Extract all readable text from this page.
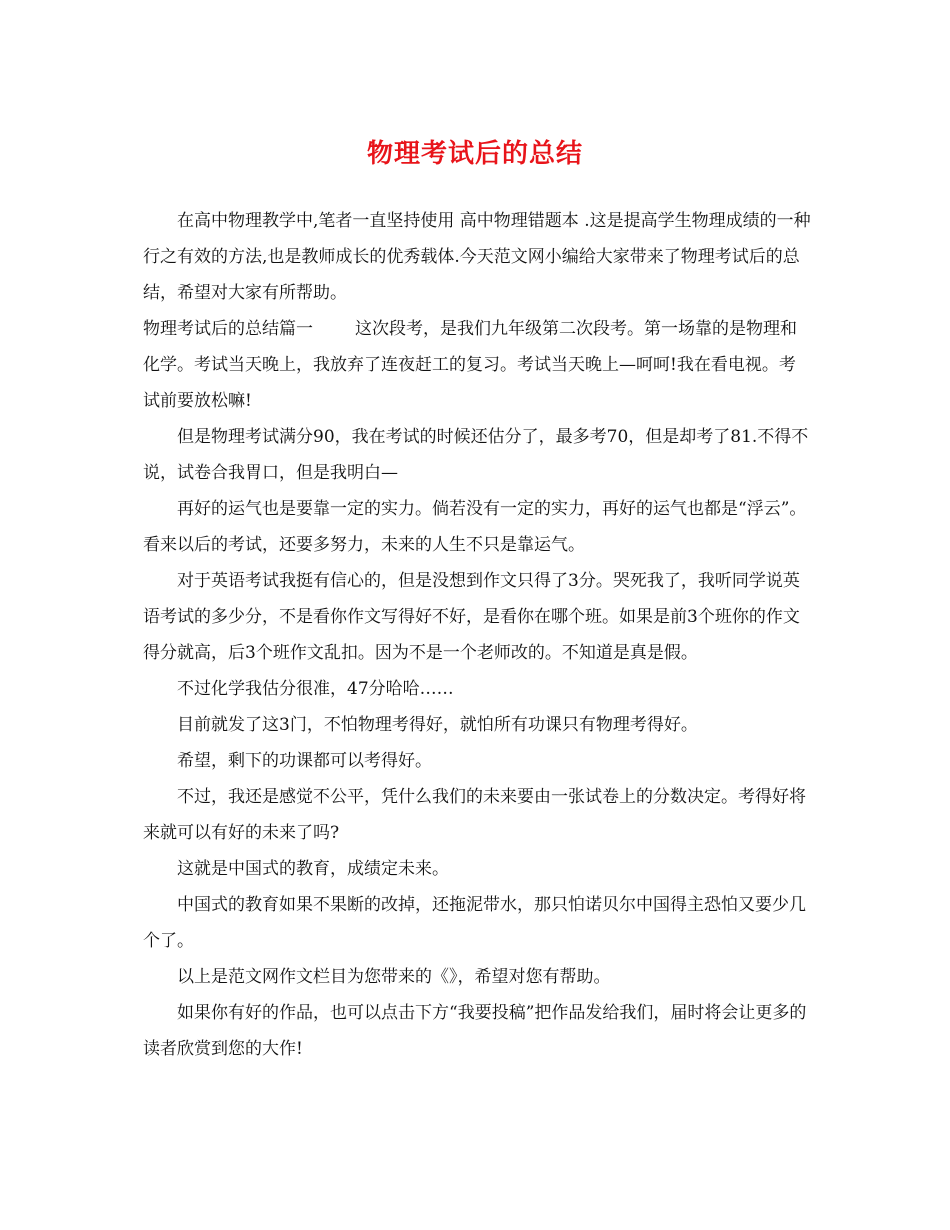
物理考试后的总结

在高中物理教学中,笔者一直坚持使用 高中物理错题本 .这是提高学生物理成绩的一种行之有效的方法,也是教师成长的优秀载体.今天范文网小编给大家带来了物理考试后的总结，希望对大家有所帮助。

物理考试后的总结篇一 这次段考，是我们九年级第二次段考。第一场靠的是物理和化学。考试当天晚上，我放弃了连夜赶工的复习。考试当天晚上—呵呵!我在看电视。考试前要放松嘛!

但是物理考试满分90，我在考试的时候还估分了，最多考70，但是却考了81.不得不说，试卷合我胃口，但是我明白—

再好的运气也是要靠一定的实力。倘若没有一定的实力，再好的运气也都是“浮云”。看来以后的考试，还要多努力，未来的人生不只是靠运气。

对于英语考试我挺有信心的，但是没想到作文只得了3分。哭死我了，我听同学说英语考试的多少分，不是看你作文写得好不好，是看你在哪个班。如果是前3个班你的作文得分就高，后3个班作文乱扣。因为不是一个老师改的。不知道是真是假。

不过化学我估分很准，47分哈哈……

目前就发了这3门，不怕物理考得好，就怕所有功课只有物理考得好。

希望，剩下的功课都可以考得好。

不过，我还是感觉不公平，凭什么我们的未来要由一张试卷上的分数决定。考得好将来就可以有好的未来了吗?

这就是中国式的教育，成绩定未来。

中国式的教育如果不果断的改掉，还拖泥带水，那只怕诺贝尔中国得主恐怕又要少几个了。

以上是范文网作文栏目为您带来的《》，希望对您有帮助。

如果你有好的作品，也可以点击下方“我要投稿”把作品发给我们，届时将会让更多的读者欣赏到您的大作!
